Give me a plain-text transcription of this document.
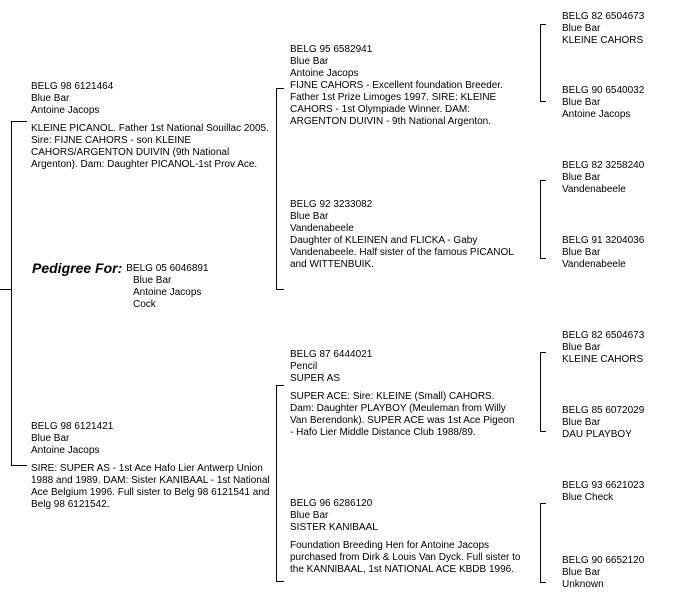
Pedigree For: BELG 05 6046891
Blue Bar
Antoine Jacops
Cock
BELG 98 6121464
Blue Bar
Antoine Jacops
KLEINE PICANOL. Father 1st National Souillac 2005. Sire: FIJNE CAHORS - son KLEINE CAHORS/ARGENTON DUIVIN (9th National Argenton). Dam: Daughter PICANOL-1st Prov Ace.
BELG 98 6121421
Blue Bar
Antoine Jacops
SIRE: SUPER AS - 1st Ace Hafo Lier Antwerp Union 1988 and 1989. DAM: Sister KANIBAAL - 1st National Ace Belgium 1996. Full sister to Belg 98 6121541 and Belg 98 6121542.
BELG 95 6582941
Blue Bar
Antoine Jacops
FIJNE CAHORS - Excellent foundation Breeder. Father 1st Prize Limoges 1997. SIRE: KLEINE CAHORS - 1st Olympiade Winner. DAM: ARGENTON DUIVIN - 9th National Argenton.
BELG 92 3233082
Blue Bar
Vandenabeele
Daughter of KLEINEN and FLICKA - Gaby Vandenabeele. Half sister of the famous PICANOL and WITTENBUIK.
BELG 87 6444021
Pencil
SUPER AS
SUPER ACE: Sire: KLEINE (Small) CAHORS. Dam: Daughter PLAYBOY (Meuleman from Willy Van Berendonk). SUPER ACE was 1st Ace Pigeon - Hafo Lier Middle Distance Club 1988/89.
BELG 96 6286120
Blue Bar
SISTER KANIBAAL
Foundation Breeding Hen for Antoine Jacops purchased from Dirk & Louis Van Dyck. Full sister to the KANNIBAAL, 1st NATIONAL ACE KBDB 1996.
BELG 82 6504673
Blue Bar
KLEINE CAHORS
BELG 90 6540032
Blue Bar
Antoine Jacops
BELG 82 3258240
Blue Bar
Vandenabeele
BELG 91 3204036
Blue Bar
Vandenabeele
BELG 82 6504673
Blue Bar
KLEINE CAHORS
BELG 85 6072029
Blue Bar
DAU PLAYBOY
BELG 93 6621023
Blue Check
BELG 90 6652120
Blue Bar
Unknown
